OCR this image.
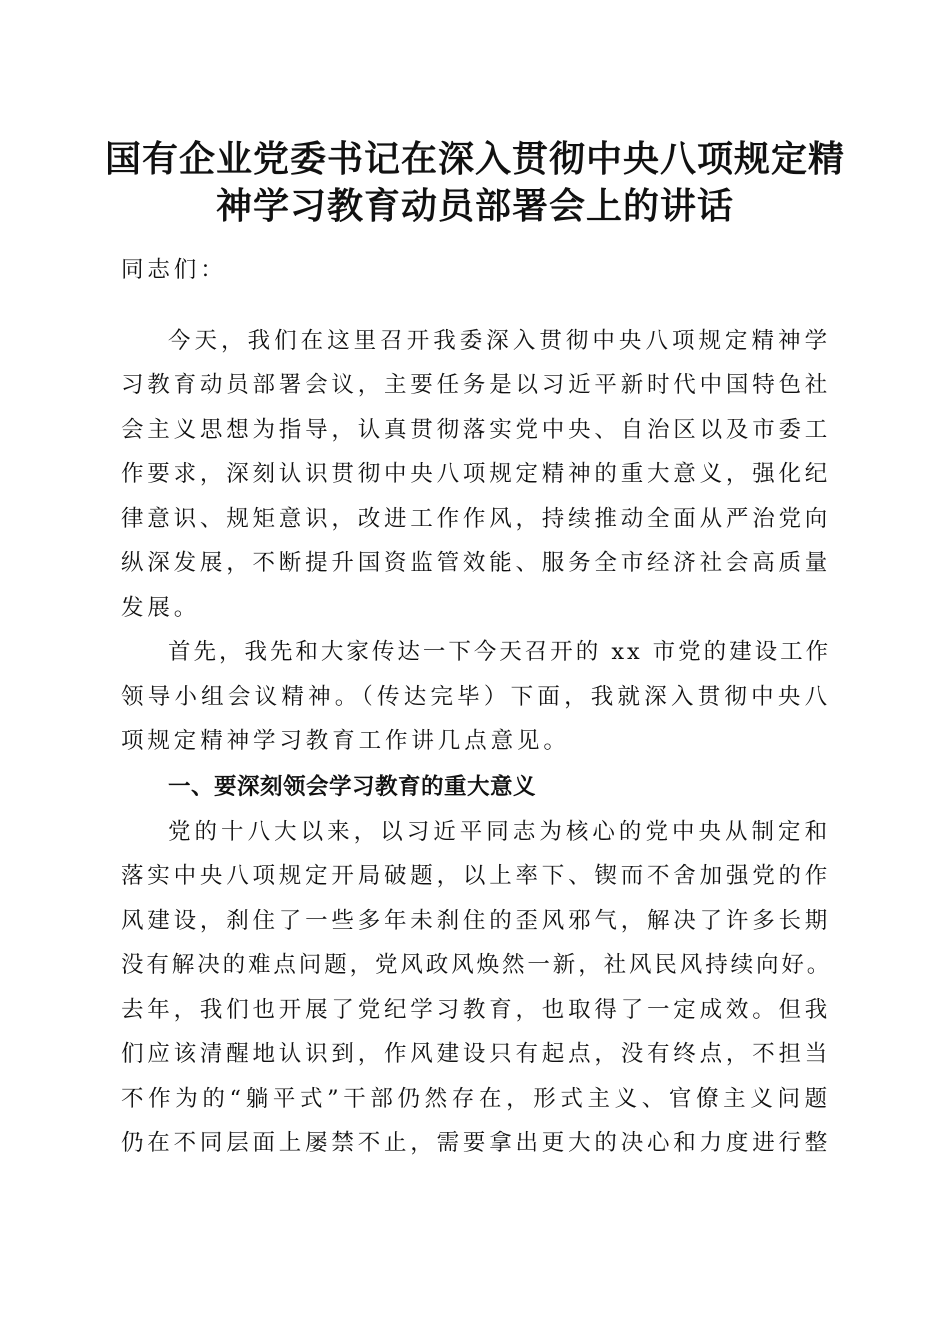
国有企业党委书记在深入贯彻中央八项规定精
神学习教育动员部署会上的讲话
同志们：
今天，我们在这里召开我委深入贯彻中央八项规定精神学
习教育动员部署会议，主要任务是以习近平新时代中国特色社
会主义思想为指导，认真贯彻落实党中央、自治区以及市委工
作要求，深刻认识贯彻中央八项规定精神的重大意义，强化纪
律意识、规矩意识，改进工作作风，持续推动全面从严治党向
纵深发展，不断提升国资监管效能、服务全市经济社会高质量
发展。
首先，我先和大家传达一下今天召开的 xx 市党的建设工作
领导小组会议精神。（传达完毕）下面，我就深入贯彻中央八
项规定精神学习教育工作讲几点意见。
一、要深刻领会学习教育的重大意义
党的十八大以来，以习近平同志为核心的党中央从制定和
落实中央八项规定开局破题，以上率下、锲而不舍加强党的作
风建设，刹住了一些多年未刹住的歪风邪气，解决了许多长期
没有解决的难点问题，党风政风焕然一新，社风民风持续向好。
去年，我们也开展了党纪学习教育，也取得了一定成效。但我
们应该清醒地认识到，作风建设只有起点，没有终点，不担当
不作为的“躺平式”干部仍然存在，形式主义、官僚主义问题
仍在不同层面上屡禁不止，需要拿出更大的决心和力度进行整
